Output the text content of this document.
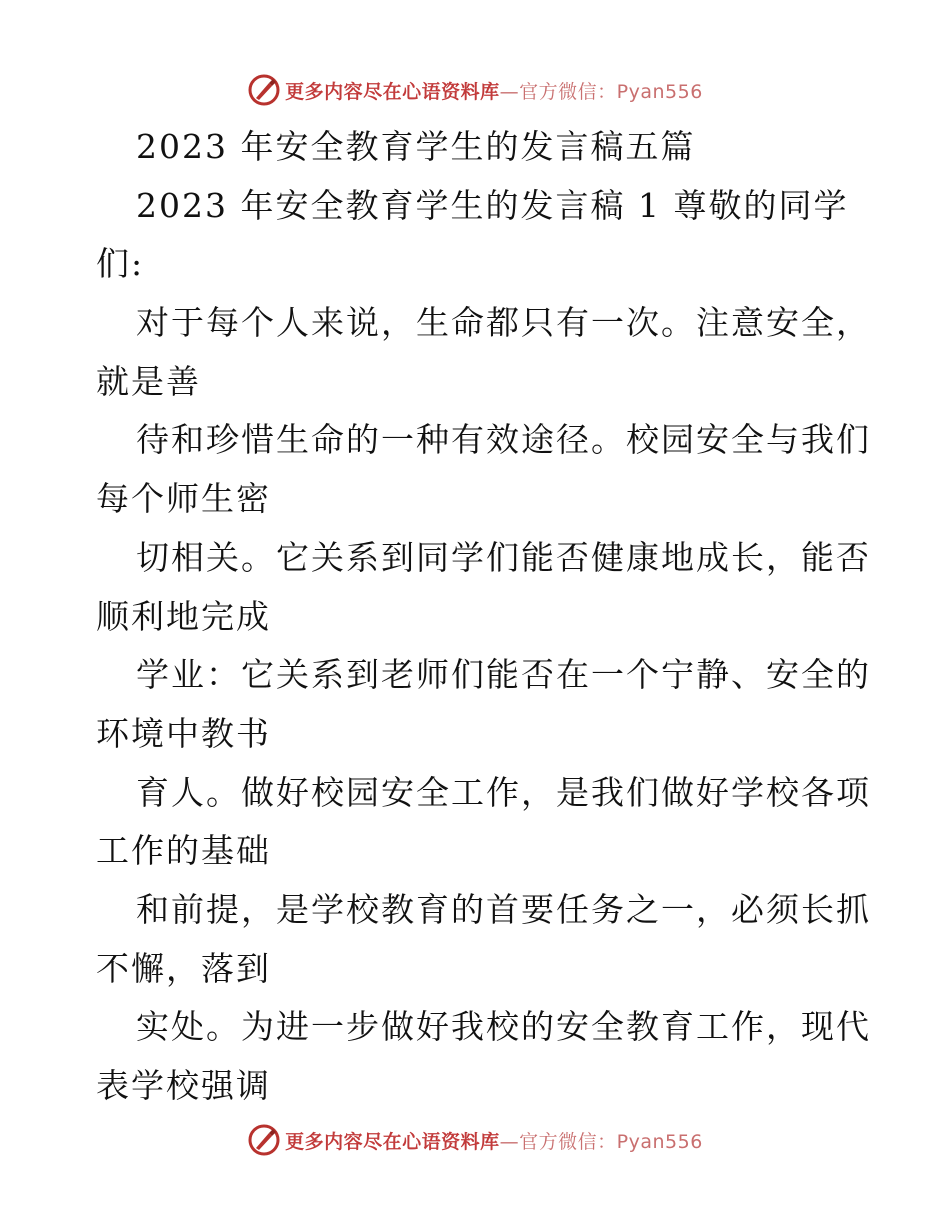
更多内容尽在心语资料库 —官方微信：Pyan556
2023 年安全教育学生的发言稿五篇
2023 年安全教育学生的发言稿 1 尊敬的同学
们:
对于每个人来说，生命都只有一次。注意安全，
就是善
待和珍惜生命的一种有效途径。校园安全与我们
每个师生密
切相关。它关系到同学们能否健康地成长，能否
顺利地完成
学业：它关系到老师们能否在一个宁静、安全的
环境中教书
育人。做好校园安全工作，是我们做好学校各项
工作的基础
和前提，是学校教育的首要任务之一，必须长抓
不懈，落到
实处。为进一步做好我校的安全教育工作，现代
表学校强调
更多内容尽在心语资料库 —官方微信：Pyan556
